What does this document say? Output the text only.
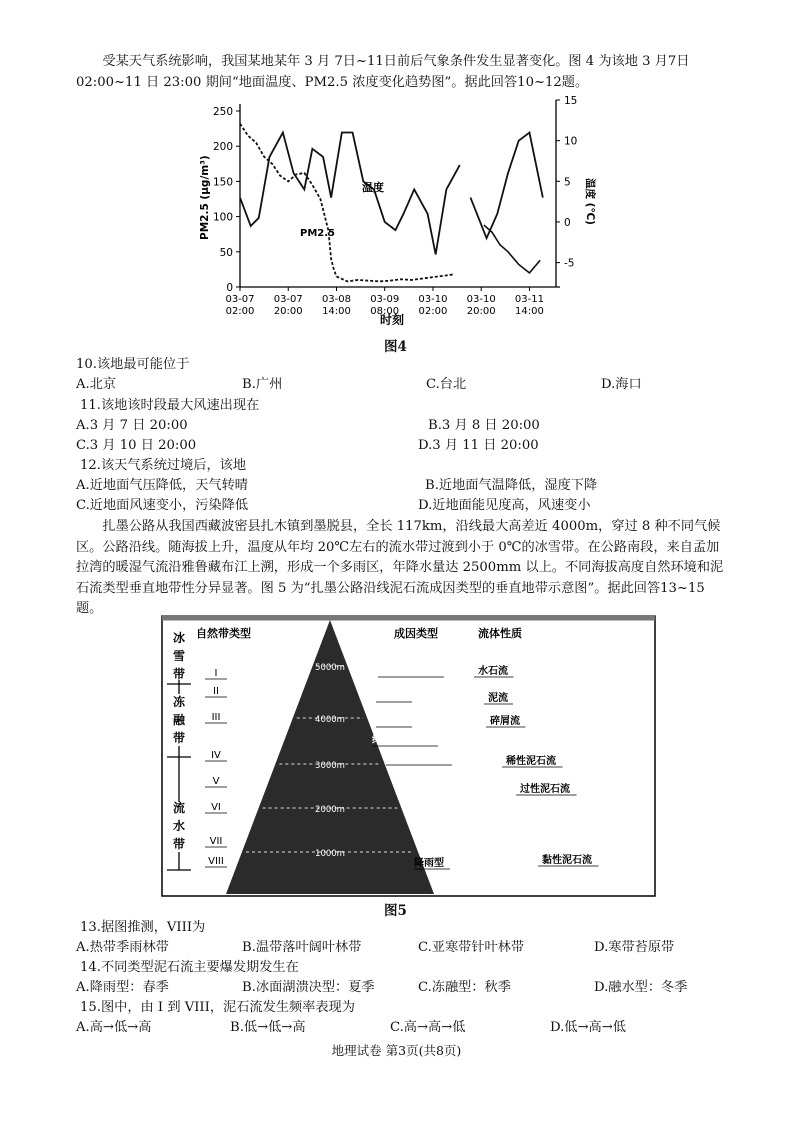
受某天气系统影响，我国某地某年 3 月 7日~11日前后气象条件发生显著变化。图 4 为该地 3 月7日 02:00~11 日 23:00 期间“地面温度、PM2.5 浓度变化趋势图”。据此回答10~12题。
0
50
100
150
200
250
-5
0
5
10
15
03-07
02:00
03-07
20:00
03-08
14:00
03-09
08:00
03-10
02:00
03-10
20:00
03-11
14:00
温度
PM2.5
PM2.5 (μg/m³)	温度 (℃)
时刻
图4
10.该地最可能位于
A.北京	B.广州	C.台北	D.海口
11.该地该时段最大风速出现在
A.3 月 7 日 20:00	B.3 月 8 日 20:00
C.3 月 10 日 20:00	D.3 月 11 日 20:00
12.该天气系统过境后，该地
A.近地面气压降低，天气转晴	B.近地面气温降低，湿度下降
C.近地面风速变小，污染降低	D.近地面能见度高，风速变小
扎墨公路从我国西藏波密县扎木镇到墨脱县，全长 117km，沿线最大高差近 4000m，穿过 8 种不同气候区。公路沿线。随海拔上升，温度从年均 20℃左右的流水带过渡到小于 0℃的冰雪带。在公路南段，来自孟加拉湾的暖湿气流沿雅鲁藏布江上溯，形成一个多雨区，年降水量达 2500mm 以上。不同海拔高度自然环境和泥石流类型垂直地带性分异显著。图 5 为“扎墨公路沿线泥石流成因类型的垂直地带示意图”。据此回答13~15题。
5000m
4000m
3000m
2000m
1000m
自然带类型	成因类型	流体性质
冰
雪
带
冻
融
带
流
水
带
I
II
III
IV
V
VI
VII
VIII
冰面湖溃决型
冻融型
融水型
终碛湖溃决型
融水-降雨型
降雨型
水石流
泥流
碎屑流
稀性泥石流
过性泥石流
黏性泥石流
图5
13.据图推测，VIII为
A.热带季雨林带	B.温带落叶阔叶林带	C.亚寒带针叶林带	D.寒带苔原带
14.不同类型泥石流主要爆发期发生在
A.降雨型：春季	B.冰面湖溃决型：夏季	C.冻融型：秋季	D.融水型：冬季
15.图中，由 I 到 VIII，泥石流发生频率表现为
A.高→低→高	B.低→低→高	C.高→高→低	D.低→高→低
地理试卷 第3页(共8页)
